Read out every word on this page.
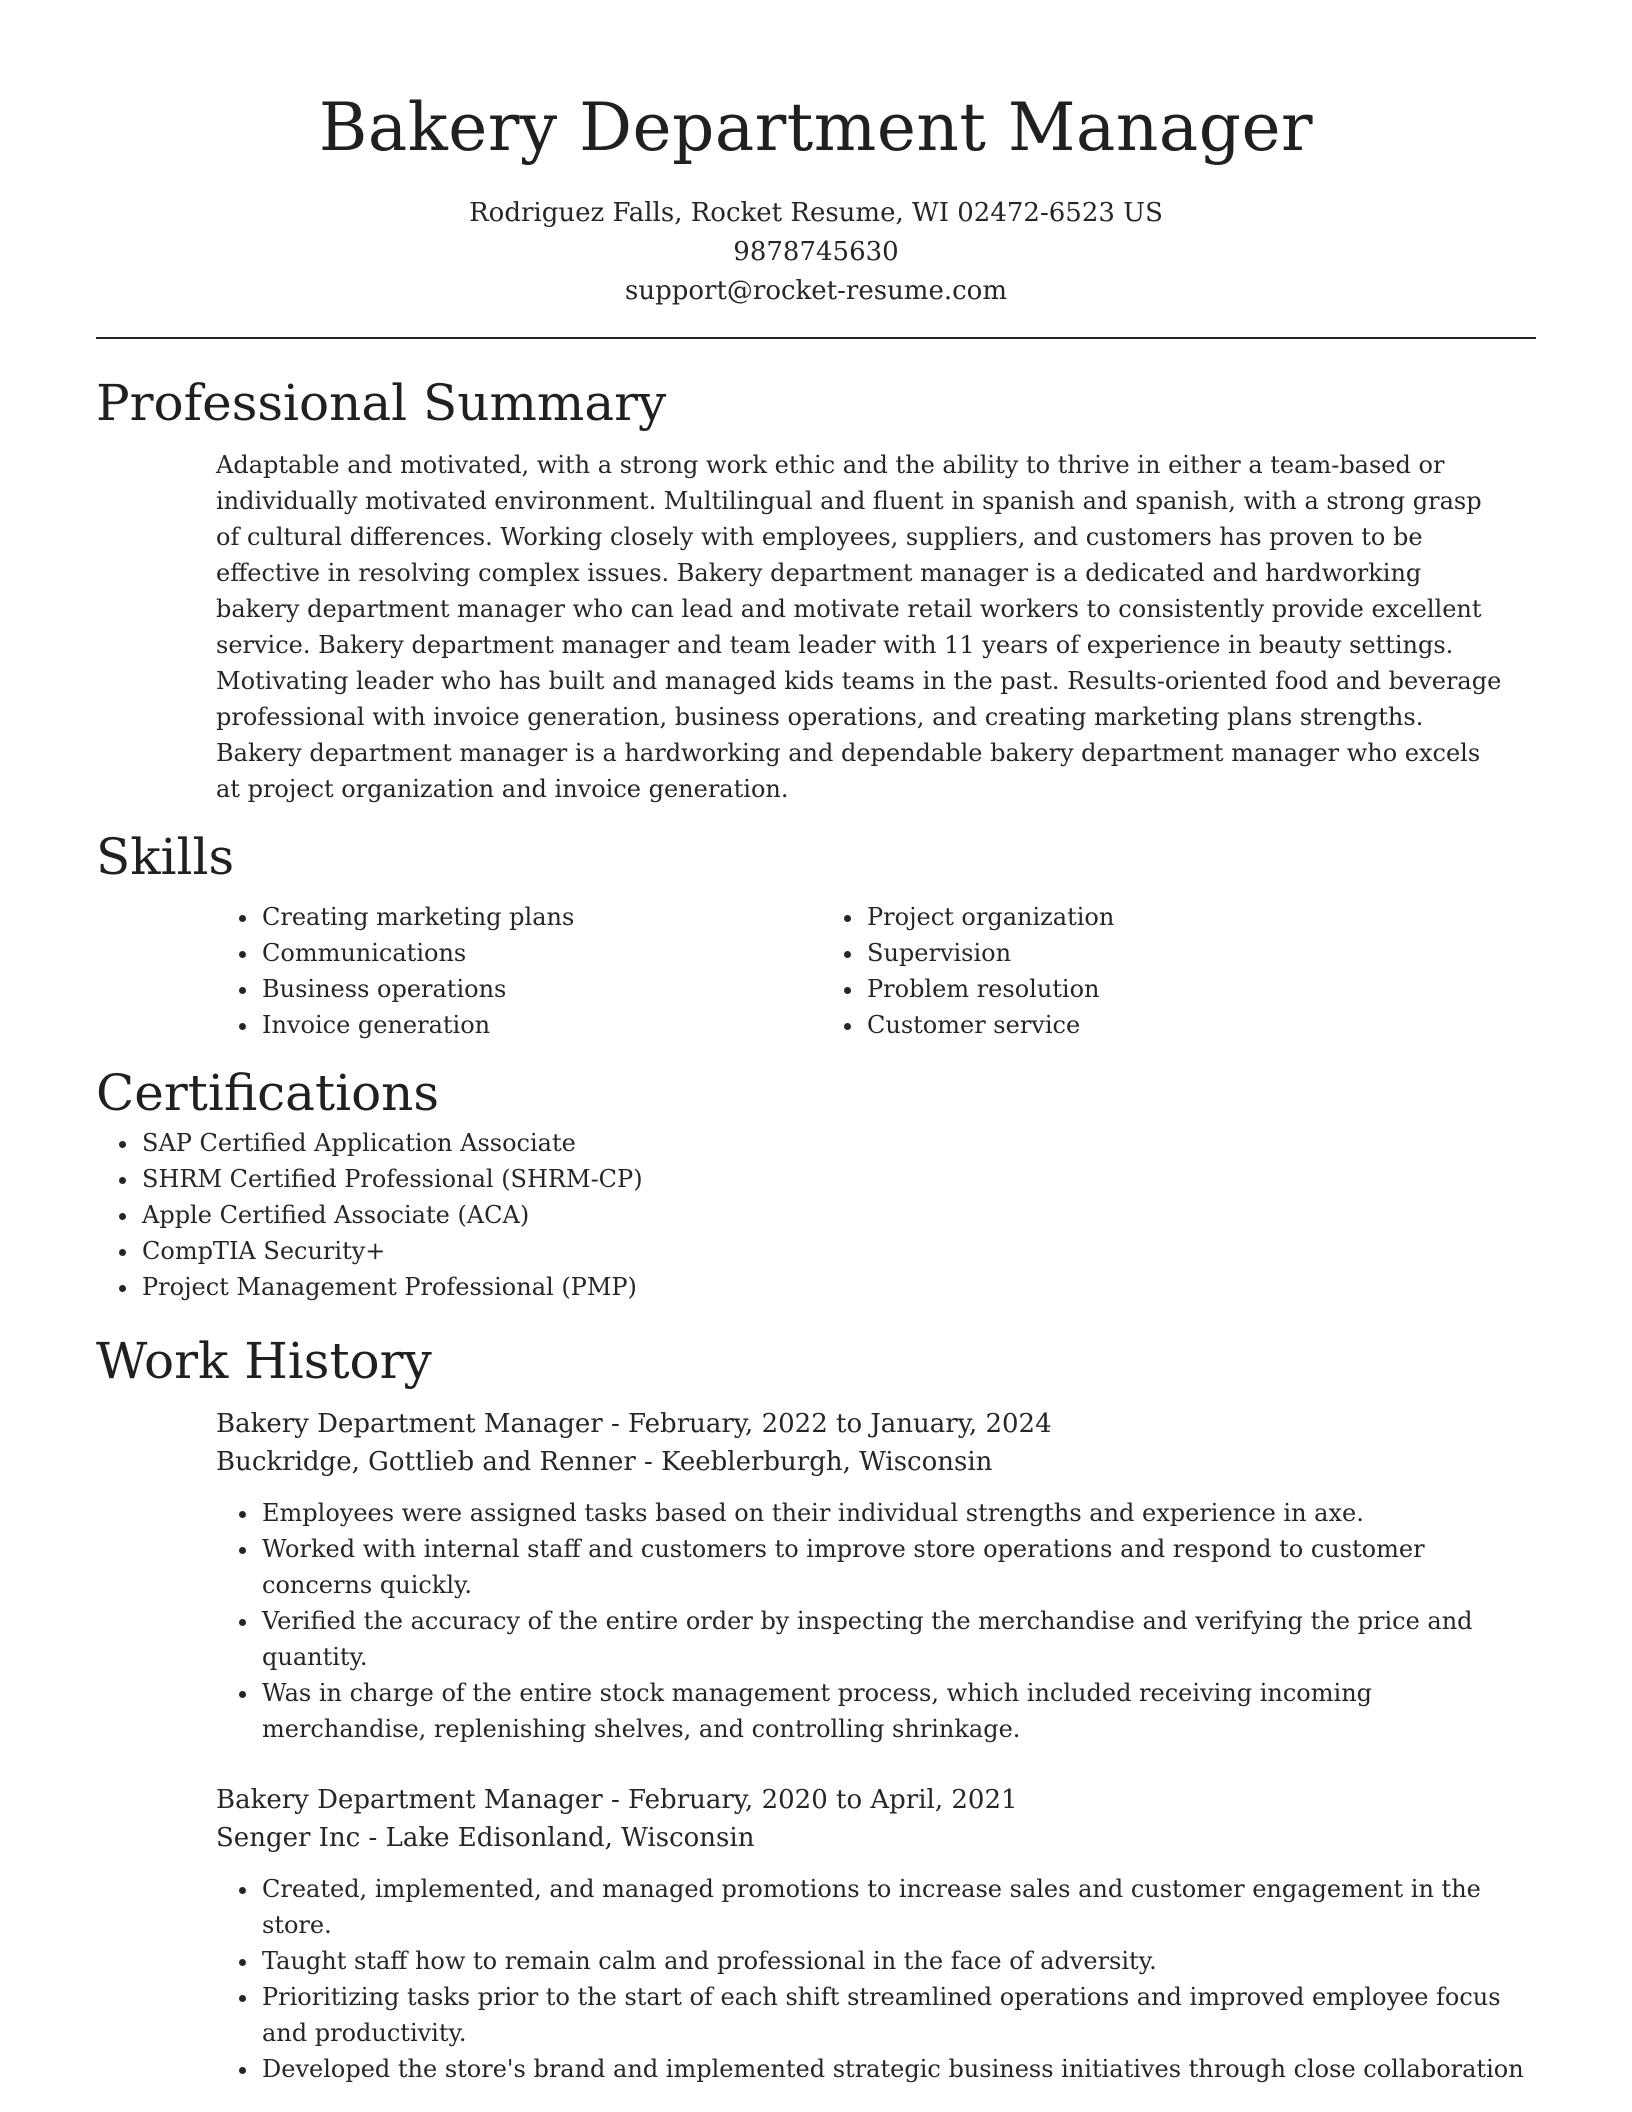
Bakery Department Manager
Rodriguez Falls, Rocket Resume, WI 02472-6523 US
9878745630
support@rocket-resume.com
Professional Summary

Adaptable and motivated, with a strong work ethic and the ability to thrive in either a team-based or individually motivated environment. Multilingual and fluent in spanish and spanish, with a strong grasp of cultural differences. Working closely with employees, suppliers, and customers has proven to be effective in resolving complex issues. Bakery department manager is a dedicated and hardworking bakery department manager who can lead and motivate retail workers to consistently provide excellent service. Bakery department manager and team leader with 11 years of experience in beauty settings. Motivating leader who has built and managed kids teams in the past. Results-oriented food and beverage professional with invoice generation, business operations, and creating marketing plans strengths. Bakery department manager is a hardworking and dependable bakery department manager who excels at project organization and invoice generation.

Skills
• Creating marketing plans
• Communications
• Business operations
• Invoice generation
• Project organization
• Supervision
• Problem resolution
• Customer service
Certifications
• SAP Certified Application Associate
• SHRM Certified Professional (SHRM-CP)
• Apple Certified Associate (ACA)
• CompTIA Security+
• Project Management Professional (PMP)
Work History
Bakery Department Manager - February, 2022 to January, 2024
Buckridge, Gottlieb and Renner - Keeblerburgh, Wisconsin
• Employees were assigned tasks based on their individual strengths and experience in axe.
• Worked with internal staff and customers to improve store operations and respond to customer concerns quickly.
• Verified the accuracy of the entire order by inspecting the merchandise and verifying the price and quantity.
• Was in charge of the entire stock management process, which included receiving incoming merchandise, replenishing shelves, and controlling shrinkage.
Bakery Department Manager - February, 2020 to April, 2021
Senger Inc - Lake Edisonland, Wisconsin
• Created, implemented, and managed promotions to increase sales and customer engagement in the store.
• Taught staff how to remain calm and professional in the face of adversity.
• Prioritizing tasks prior to the start of each shift streamlined operations and improved employee focus and productivity.
• Developed the store's brand and implemented strategic business initiatives through close collaboration
